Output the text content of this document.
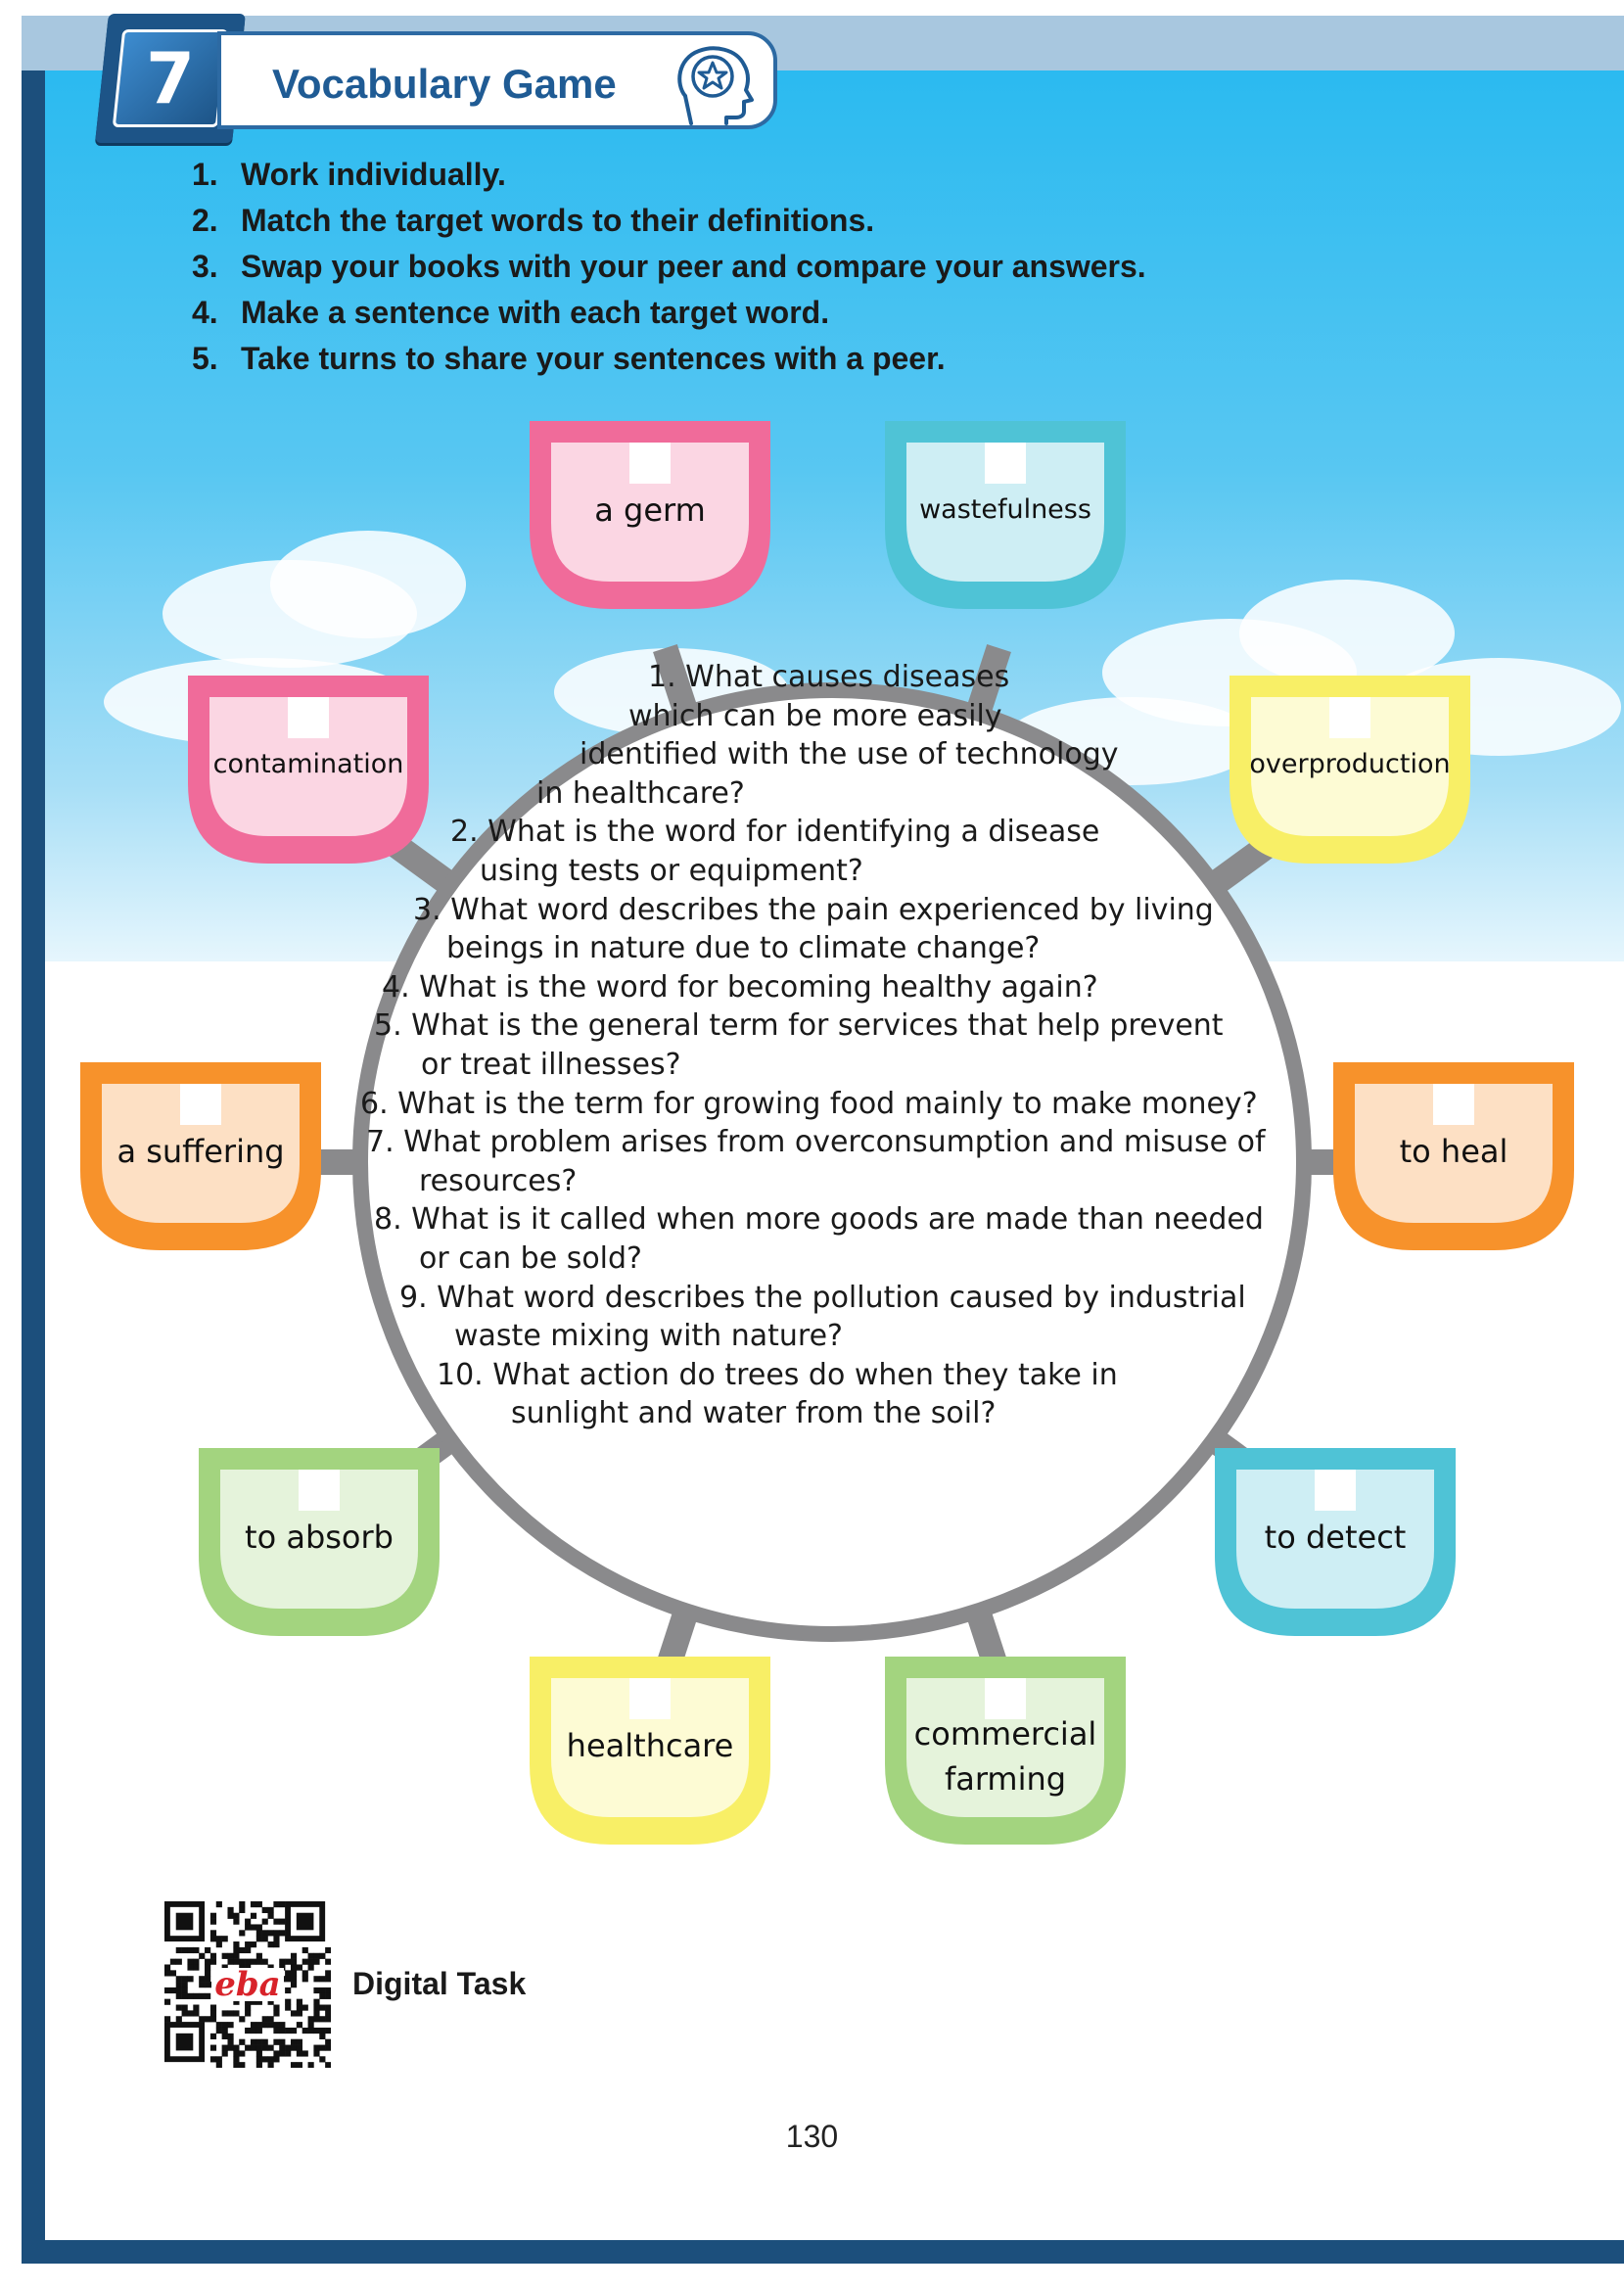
7 Vocabulary Game
1. Work individually.
2. Match the target words to their definitions.
3. Swap your books with your peer and compare your answers.
4. Make a sentence with each target word.
5. Take turns to share your sentences with a peer.
a germ	wastefulness
overproduction
to heal
to detect
commercial farming
healthcare
to absorb
a suffering
contamination
1. What causes diseases
which can be more easily
identified with the use of technology
in healthcare?
2. What is the word for identifying a disease
using tests or equipment?
3. What word describes the pain experienced by living
beings in nature due to climate change?
4. What is the word for becoming healthy again?
5. What is the general term for services that help prevent
or treat illnesses?
6. What is the term for growing food mainly to make money?
7. What problem arises from overconsumption and misuse of
resources?
8. What is it called when more goods are made than needed
or can be sold?
9. What word describes the pollution caused by industrial
waste mixing with nature?
10. What action do trees do when they take in
sunlight and water from the soil?
eba Digital Task
130
